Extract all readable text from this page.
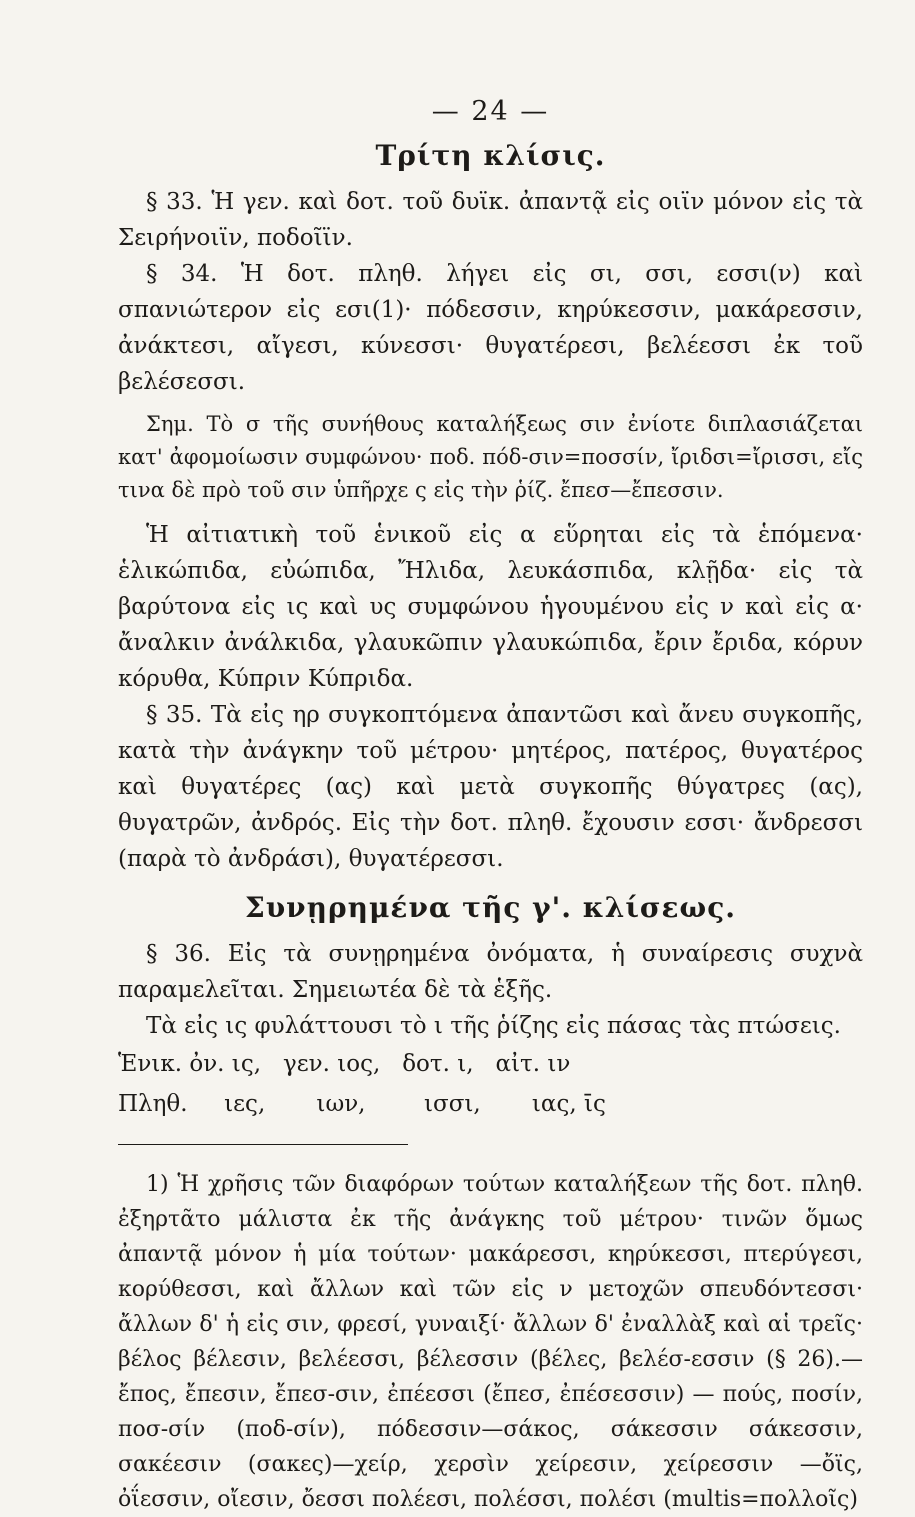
— 24 —
Τρίτη κλίσις.

§ 33. Ἡ γεν. καὶ δοτ. τοῦ δυϊκ. ἀπαντᾷ εἰς οιϊν μόνον εἰς τὰ Σειρήνοιϊν, ποδοῖϊν.

§ 34. Ἡ δοτ. πληθ. λήγει εἰς σι, σσι, εσσι(ν) καὶ σπανιώτερον εἰς εσι(1)· πόδεσσιν, κηρύκεσσιν, μακάρεσσιν, ἀνάκτεσι, αἴγεσι, κύνεσσι· θυγατέρεσι, βελέεσσι ἐκ τοῦ βελέσεσσι.

Σημ. Τὸ σ τῆς συνήθους καταλήξεως σιν ἐνίοτε διπλασιάζεται κατ' ἀφομοίωσιν συμφώνου· ποδ. πόδ-σιν=ποσσίν, ἴριδσι=ἴρισσι, εἴς τινα δὲ πρὸ τοῦ σιν ὑπῆρχε ς εἰς τὴν ῥίζ. ἔπεσ—ἔπεσσιν.

Ἡ αἰτιατικὴ τοῦ ἑνικοῦ εἰς α εὕρηται εἰς τὰ ἑπόμενα· ἑλικώπιδα, εὐώπιδα, Ἤλιδα, λευκάσπιδα, κλῇδα· εἰς τὰ βαρύτονα εἰς ις καὶ υς συμφώνου ἡγουμένου εἰς ν καὶ εἰς α· ἄναλκιν ἀνάλκιδα, γλαυκῶπιν γλαυκώπιδα, ἔριν ἔριδα, κόρυν κόρυθα, Κύπριν Κύπριδα.

§ 35. Τὰ εἰς ηρ συγκοπτόμενα ἀπαντῶσι καὶ ἄνευ συγκοπῆς, κατὰ τὴν ἀνάγκην τοῦ μέτρου· μητέρος, πατέρος, θυγατέρος καὶ θυγατέρες (ας) καὶ μετὰ συγκοπῆς θύγατρες (ας), θυγατρῶν, ἀνδρός. Εἰς τὴν δοτ. πληθ. ἔχουσιν εσσι· ἄνδρεσσι (παρὰ τὸ ἀνδράσι), θυγατέρεσσι.

Συνῃρημένα τῆς γ'. κλίσεως.

§ 36. Εἰς τὰ συνῃρημένα ὀνόματα, ἡ συναίρεσις συχνὰ παραμελεῖται. Σημειωτέα δὲ τὰ ἑξῆς.

Τὰ εἰς ις φυλάττουσι τὸ ι τῆς ῥίζης εἰς πάσας τὰς πτώσεις.

Ἑνικ. ὀν. ις,   γεν. ιος,   δοτ. ι,   αἰτ. ιν
Πληθ.     ιες,       ιων,        ισσι,       ιας, ῑς
1) Ἡ χρῆσις τῶν διαφόρων τούτων καταλήξεων τῆς δοτ. πληθ. ἐξηρτᾶτο μάλιστα ἐκ τῆς ἀνάγκης τοῦ μέτρου· τινῶν ὅμως ἀπαντᾷ μόνον ἡ μία τούτων· μακάρεσσι, κηρύκεσσι, πτερύγεσι, κορύθεσσι, καὶ ἄλλων καὶ τῶν εἰς ν μετοχῶν σπευδόντεσσι· ἄλλων δ' ἡ εἰς σιν, φρεσί, γυναιξί· ἄλλων δ' ἐναλλὰξ καὶ αἱ τρεῖς· βέλος βέλεσιν, βελέεσσι, βέλεσσιν (βέλες, βελέσ-εσσιν (§ 26).—ἔπος, ἔπεσιν, ἔπεσ-σιν, ἐπέεσσι (ἔπεσ, ἐπέσεσσιν) — πούς, ποσίν, ποσ-σίν (ποδ-σίν), πόδεσσιν—σάκος, σάκεσσιν σάκεσσιν, σακέεσιν (σακες)—χείρ, χερσὶν χείρεσιν, χείρεσσιν —ὄϊς, ὀΐεσσιν, οἴεσιν, ὄεσσι πολέεσι, πολέσσι, πολέσι (multis=πολλοῖς)
